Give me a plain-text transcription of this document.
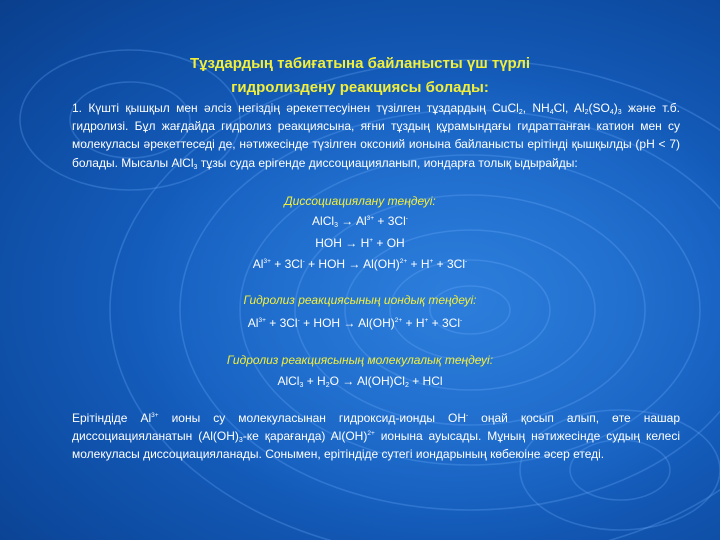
Тұздардың табиғатына байланысты үш түрлі

гидролиздену реакциясы болады:

1. Күшті қышқыл мен әлсіз негіздің әрекеттесуінен түзілген тұздардың CuCl$_2$, $NH_4Cl$, $Al_2(SO_4)_3$ және т.б. гидролизі. Бұл жағдайда гидролиз реакциясына, яғни тұздың құрамындағы гидраттанған катион мен су молекуласы әрекеттеседі де, нәтижесінде түзілген оксоний ионына байланысты ерітінді қышқылды (рН < 7) болады. Мысалы AlCl$_3$ тұзы суда ерігенде диссоциацияланып, иондарға толық ыдырайды:

Диссоциациялану теңдеуі:

AlCl$_3$ → $Al^{3+} + 3Cl^-$

HOH → H+ + OH

$Al^{3+} + 3Cl^-$ + HOH → Al(OH)$^{2+}$ + H+ + 3Cl-

Гидролиз реакциясының иондық теңдеуі:

$Al^{3+} + 3Cl^-$ + HOH → Al(OH)$^{2+}$ + H+ + 3Cl-

Гидролиз реакциясының молекулалық теңдеуі:

AlCl$_3$ + $H_2O \to Al(OH)Cl_2$ + HCl

Ерітіндіде $Al^{3+}$ ионы су молекуласынан гидроксид-ионды OH- оңай қосып алып, өте нашар диссоциацияланатын ($Al(OH)_3-ке$ қарағанда) Al(OH)$^{2+}$ ионына ауысады. Мұның нәтижесінде судың келесі молекуласы диссоциацияланады. Сонымен, ерітіндіде сутегі иондарының көбеюіне әсер етеді.
